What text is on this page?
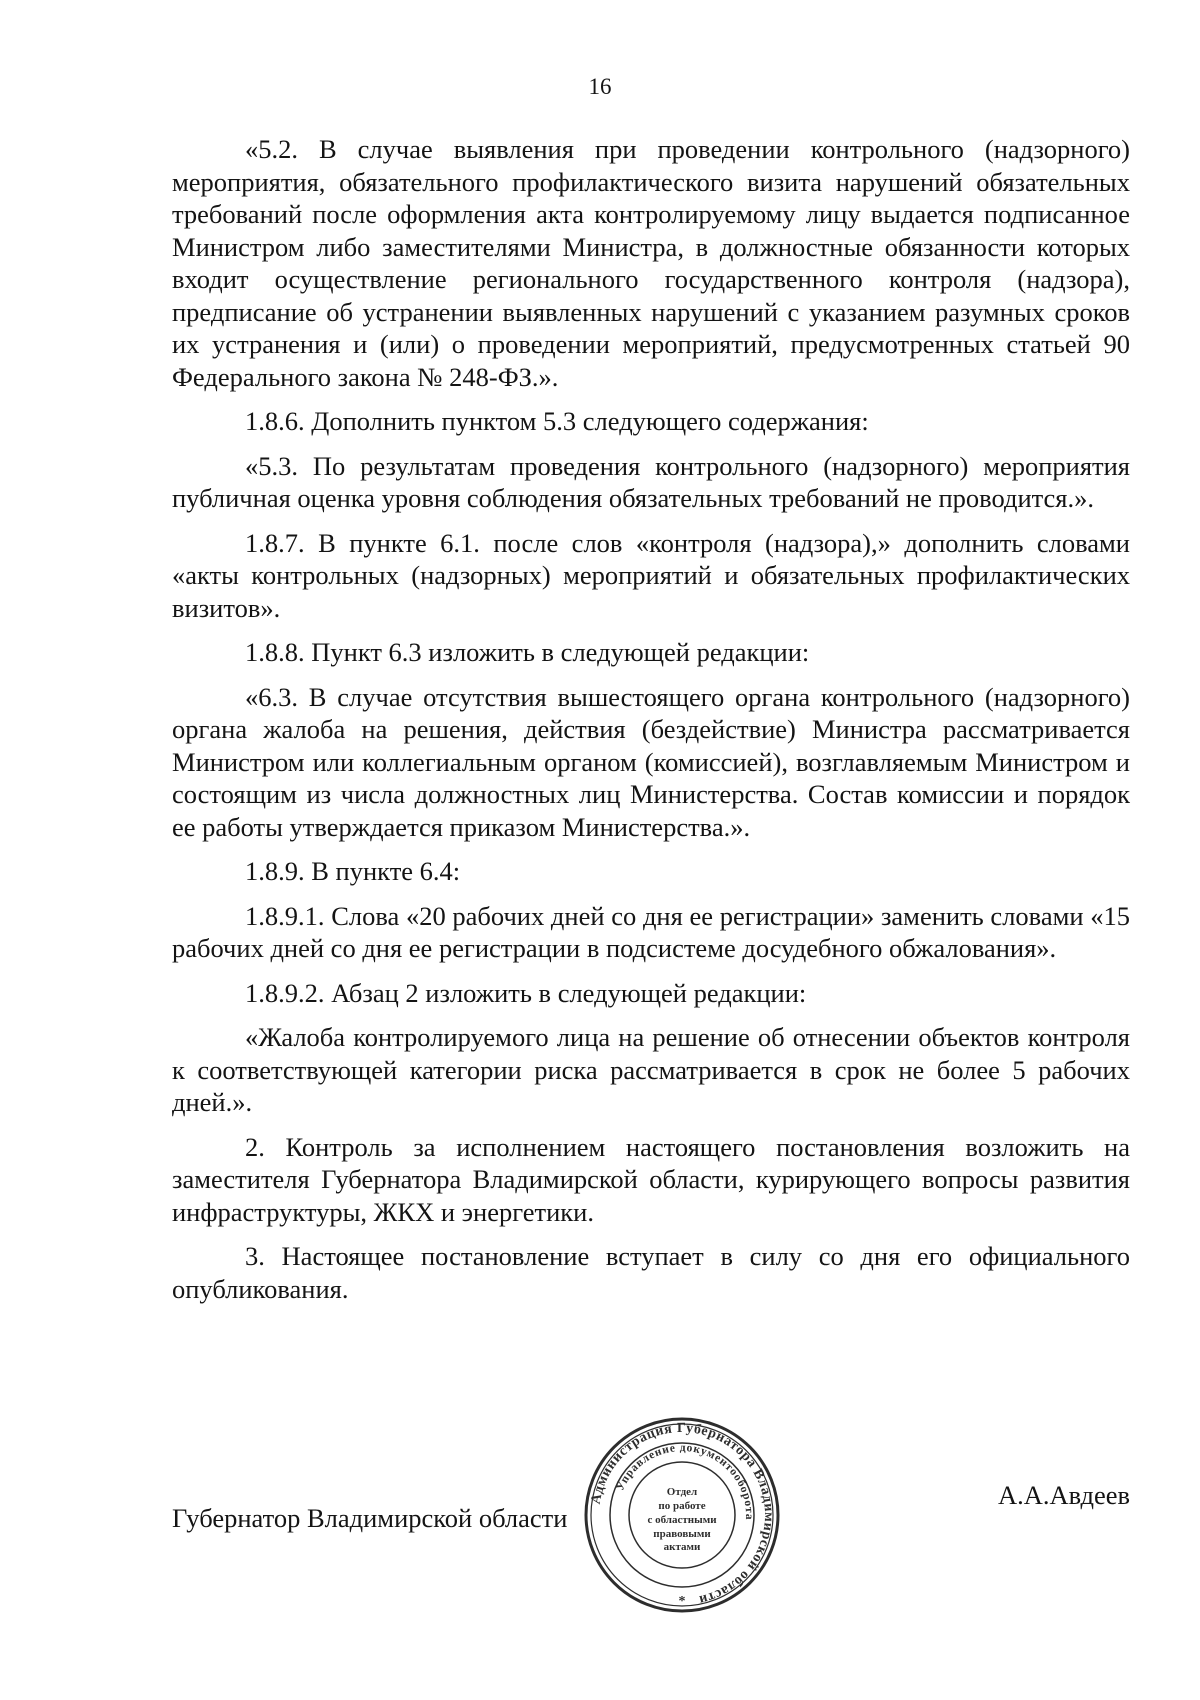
16

«5.2. В случае выявления при проведении контрольного (надзорного) мероприятия, обязательного профилактического визита нарушений обязательных требований после оформления акта контролируемому лицу выдается подписанное Министром либо заместителями Министра, в должностные обязанности которых входит осуществление регионального государственного контроля (надзора), предписание об устранении выявленных нарушений с указанием разумных сроков их устранения и (или) о проведении мероприятий, предусмотренных статьей 90 Федерального закона № 248-ФЗ.».

1.8.6. Дополнить пунктом 5.3 следующего содержания:

«5.3. По результатам проведения контрольного (надзорного) мероприятия публичная оценка уровня соблюдения обязательных требований не проводится.».

1.8.7. В пункте 6.1. после слов «контроля (надзора),» дополнить словами «акты контрольных (надзорных) мероприятий и обязательных профилактических визитов».

1.8.8. Пункт 6.3 изложить в следующей редакции:

«6.3. В случае отсутствия вышестоящего органа контрольного (надзорного) органа жалоба на решения, действия (бездействие) Министра рассматривается Министром или коллегиальным органом (комиссией), возглавляемым Министром и состоящим из числа должностных лиц Министерства. Состав комиссии и порядок ее работы утверждается приказом Министерства.».

1.8.9. В пункте 6.4:

1.8.9.1. Слова «20 рабочих дней со дня ее регистрации» заменить словами «15 рабочих дней со дня ее регистрации в подсистеме досудебного обжалования».

1.8.9.2. Абзац 2 изложить в следующей редакции:

«Жалоба контролируемого лица на решение об отнесении объектов контроля к соответствующей категории риска рассматривается в срок не более 5 рабочих дней.».

2. Контроль за исполнением настоящего постановления возложить на заместителя Губернатора Владимирской области, курирующего вопросы развития инфраструктуры, ЖКХ и энергетики.

3. Настоящее постановление вступает в силу со дня его официального опубликования.

Губернатор Владимирской области
А.А.Авдеев
Администрация Губернатора Владимирской области
Управление документооборота
Отдел
по работе
с областными
правовыми
актами
*
